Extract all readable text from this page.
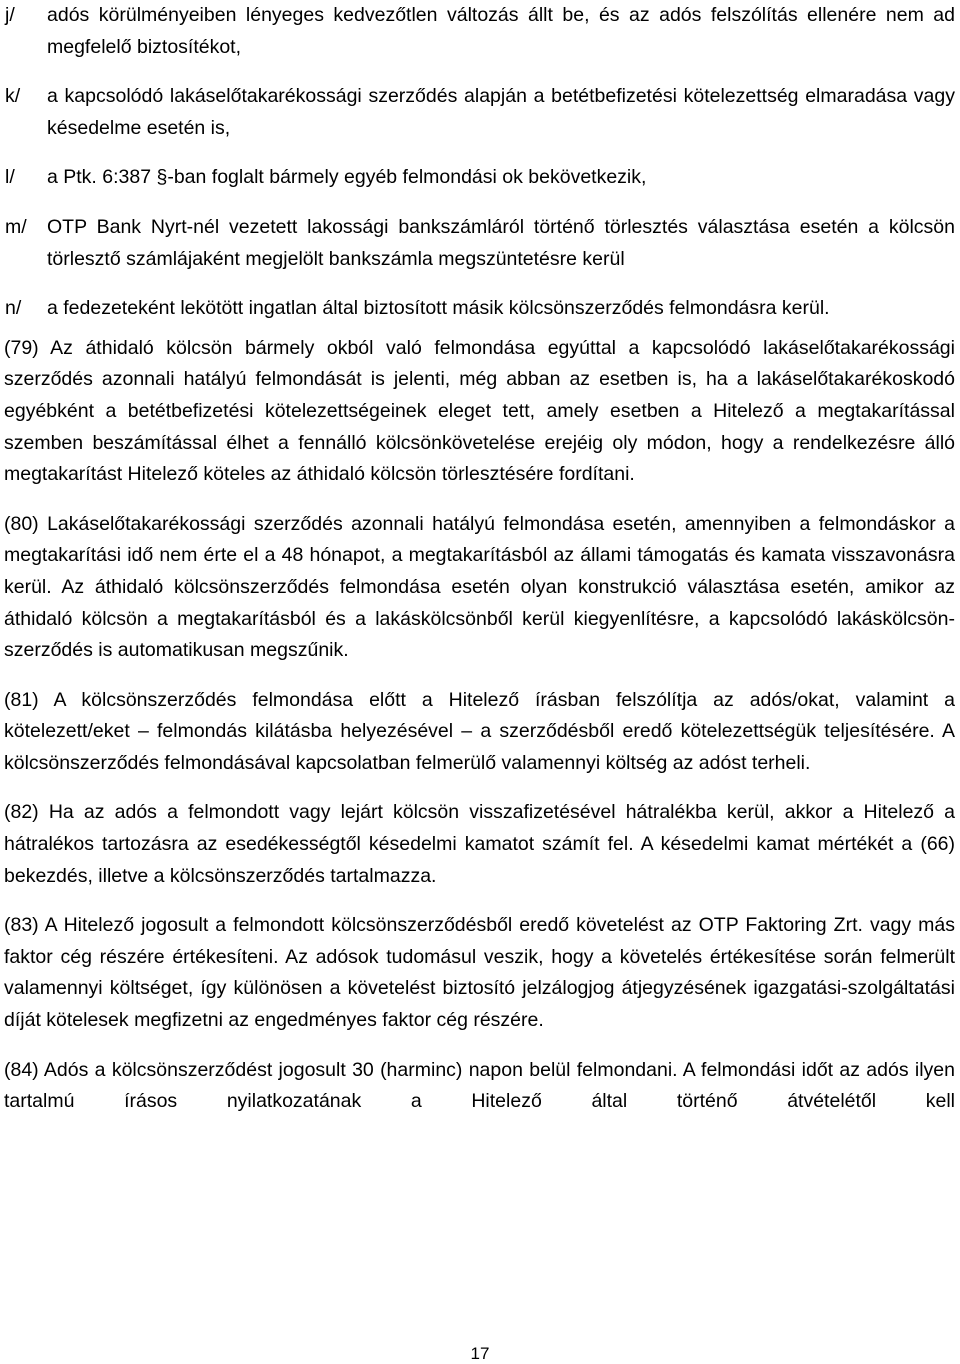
j/	adós körülményeiben lényeges kedvezőtlen változás állt be, és az adós felszólítás ellenére nem ad megfelelő biztosítékot,
k/	a kapcsolódó lakáselőtakarékossági szerződés alapján a betétbefizetési kötelezettség elmaradása vagy késedelme esetén is,
l/	a Ptk. 6:387 §-ban foglalt bármely egyéb felmondási ok bekövetkezik,
m/	OTP Bank Nyrt-nél vezetett lakossági bankszámláról történő törlesztés választása esetén a kölcsön törlesztő számlájaként megjelölt bankszámla megszüntetésre kerül
n/	a fedezeteként lekötött ingatlan által biztosított másik kölcsönszerződés felmondásra kerül.

(79) Az áthidaló kölcsön bármely okból való felmondása egyúttal a kapcsolódó lakáselőtakarékossági szerződés azonnali hatályú felmondását is jelenti, még abban az esetben is, ha a lakáselőtakarékoskodó egyébként a betétbefizetési kötelezettségeinek eleget tett, amely esetben a Hitelező a megtakarítással szemben beszámítással élhet a fennálló kölcsönkövetelése erejéig oly módon, hogy a rendelkezésre álló megtakarítást Hitelező köteles az áthidaló kölcsön törlesztésére fordítani.

(80) Lakáselőtakarékossági szerződés azonnali hatályú felmondása esetén, amennyiben a felmondáskor a megtakarítási idő nem érte el a 48 hónapot, a megtakarításból az állami támogatás és kamata visszavonásra kerül. Az áthidaló kölcsönszerződés felmondása esetén olyan konstrukció választása esetén, amikor az áthidaló kölcsön a megtakarításból és a lakáskölcsönből kerül kiegyenlítésre, a kapcsolódó lakáskölcsön-szerződés is automatikusan megszűnik.

(81) A kölcsönszerződés felmondása előtt a Hitelező írásban felszólítja az adós/okat, valamint a kötelezett/eket – felmondás kilátásba helyezésével – a szerződésből eredő kötelezettségük teljesítésére. A kölcsönszerződés felmondásával kapcsolatban felmerülő valamennyi költség az adóst terheli.

(82) Ha az adós a felmondott vagy lejárt kölcsön visszafizetésével hátralékba kerül, akkor a Hitelező a hátralékos tartozásra az esedékességtől késedelmi kamatot számít fel. A késedelmi kamat mértékét a (66) bekezdés, illetve a kölcsönszerződés tartalmazza.

(83) A Hitelező jogosult a felmondott kölcsönszerződésből eredő követelést az OTP Faktoring Zrt. vagy más faktor cég részére értékesíteni. Az adósok tudomásul veszik, hogy a követelés értékesítése során felmerült valamennyi költséget, így különösen a követelést biztosító jelzálogjog átjegyzésének igazgatási-szolgáltatási díját kötelesek megfizetni az engedményes faktor cég részére.

(84) Adós a kölcsönszerződést jogosult 30 (harminc) napon belül felmondani. A felmondási időt az adós ilyen tartalmú írásos nyilatkozatának a Hitelező által történő átvételétől kell

17
